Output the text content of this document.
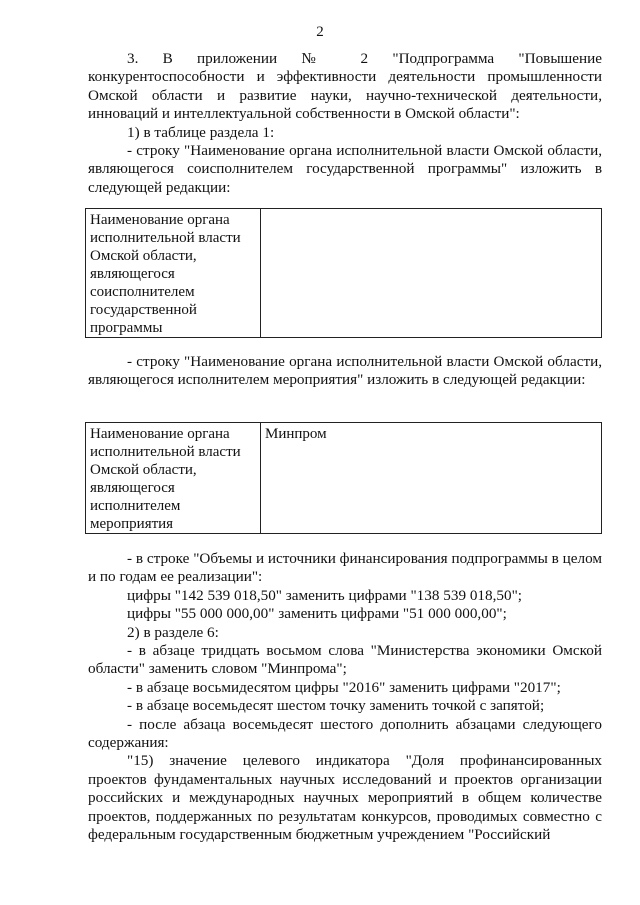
2

3. В приложении № 2 "Подпрограмма "Повышение конкурентоспособности и эффективности деятельности промышленности Омской области и развитие науки, научно-технической деятельности, инноваций и интеллектуальной собственности в Омской области":

1) в таблице раздела 1:

- строку "Наименование органа исполнительной власти Омской области, являющегося соисполнителем государственной программы" изложить в следующей редакции:

Наименование органа исполнительной власти Омской области, являющегося соисполнителем государственной программы	

- строку "Наименование органа исполнительной власти Омской области, являющегося исполнителем мероприятия" изложить в следующей редакции:

Наименование органа исполнительной власти Омской области, являющегося исполнителем мероприятия	Минпром

- в строке "Объемы и источники финансирования подпрограммы в целом и по годам ее реализации":

цифры "142 539 018,50" заменить цифрами "138 539 018,50";

цифры "55 000 000,00" заменить цифрами "51 000 000,00";

2) в разделе 6:

- в абзаце тридцать восьмом слова "Министерства экономики Омской области" заменить словом "Минпрома";

- в абзаце восьмидесятом цифры "2016" заменить цифрами "2017";

- в абзаце восемьдесят шестом точку заменить точкой с запятой;

- после абзаца восемьдесят шестого дополнить абзацами следующего содержания:

"15) значение целевого индикатора "Доля профинансированных проектов фундаментальных научных исследований и проектов организации российских и международных научных мероприятий в общем количестве проектов, поддержанных по результатам конкурсов, проводимых совместно с федеральным государственным бюджетным учреждением "Российский
